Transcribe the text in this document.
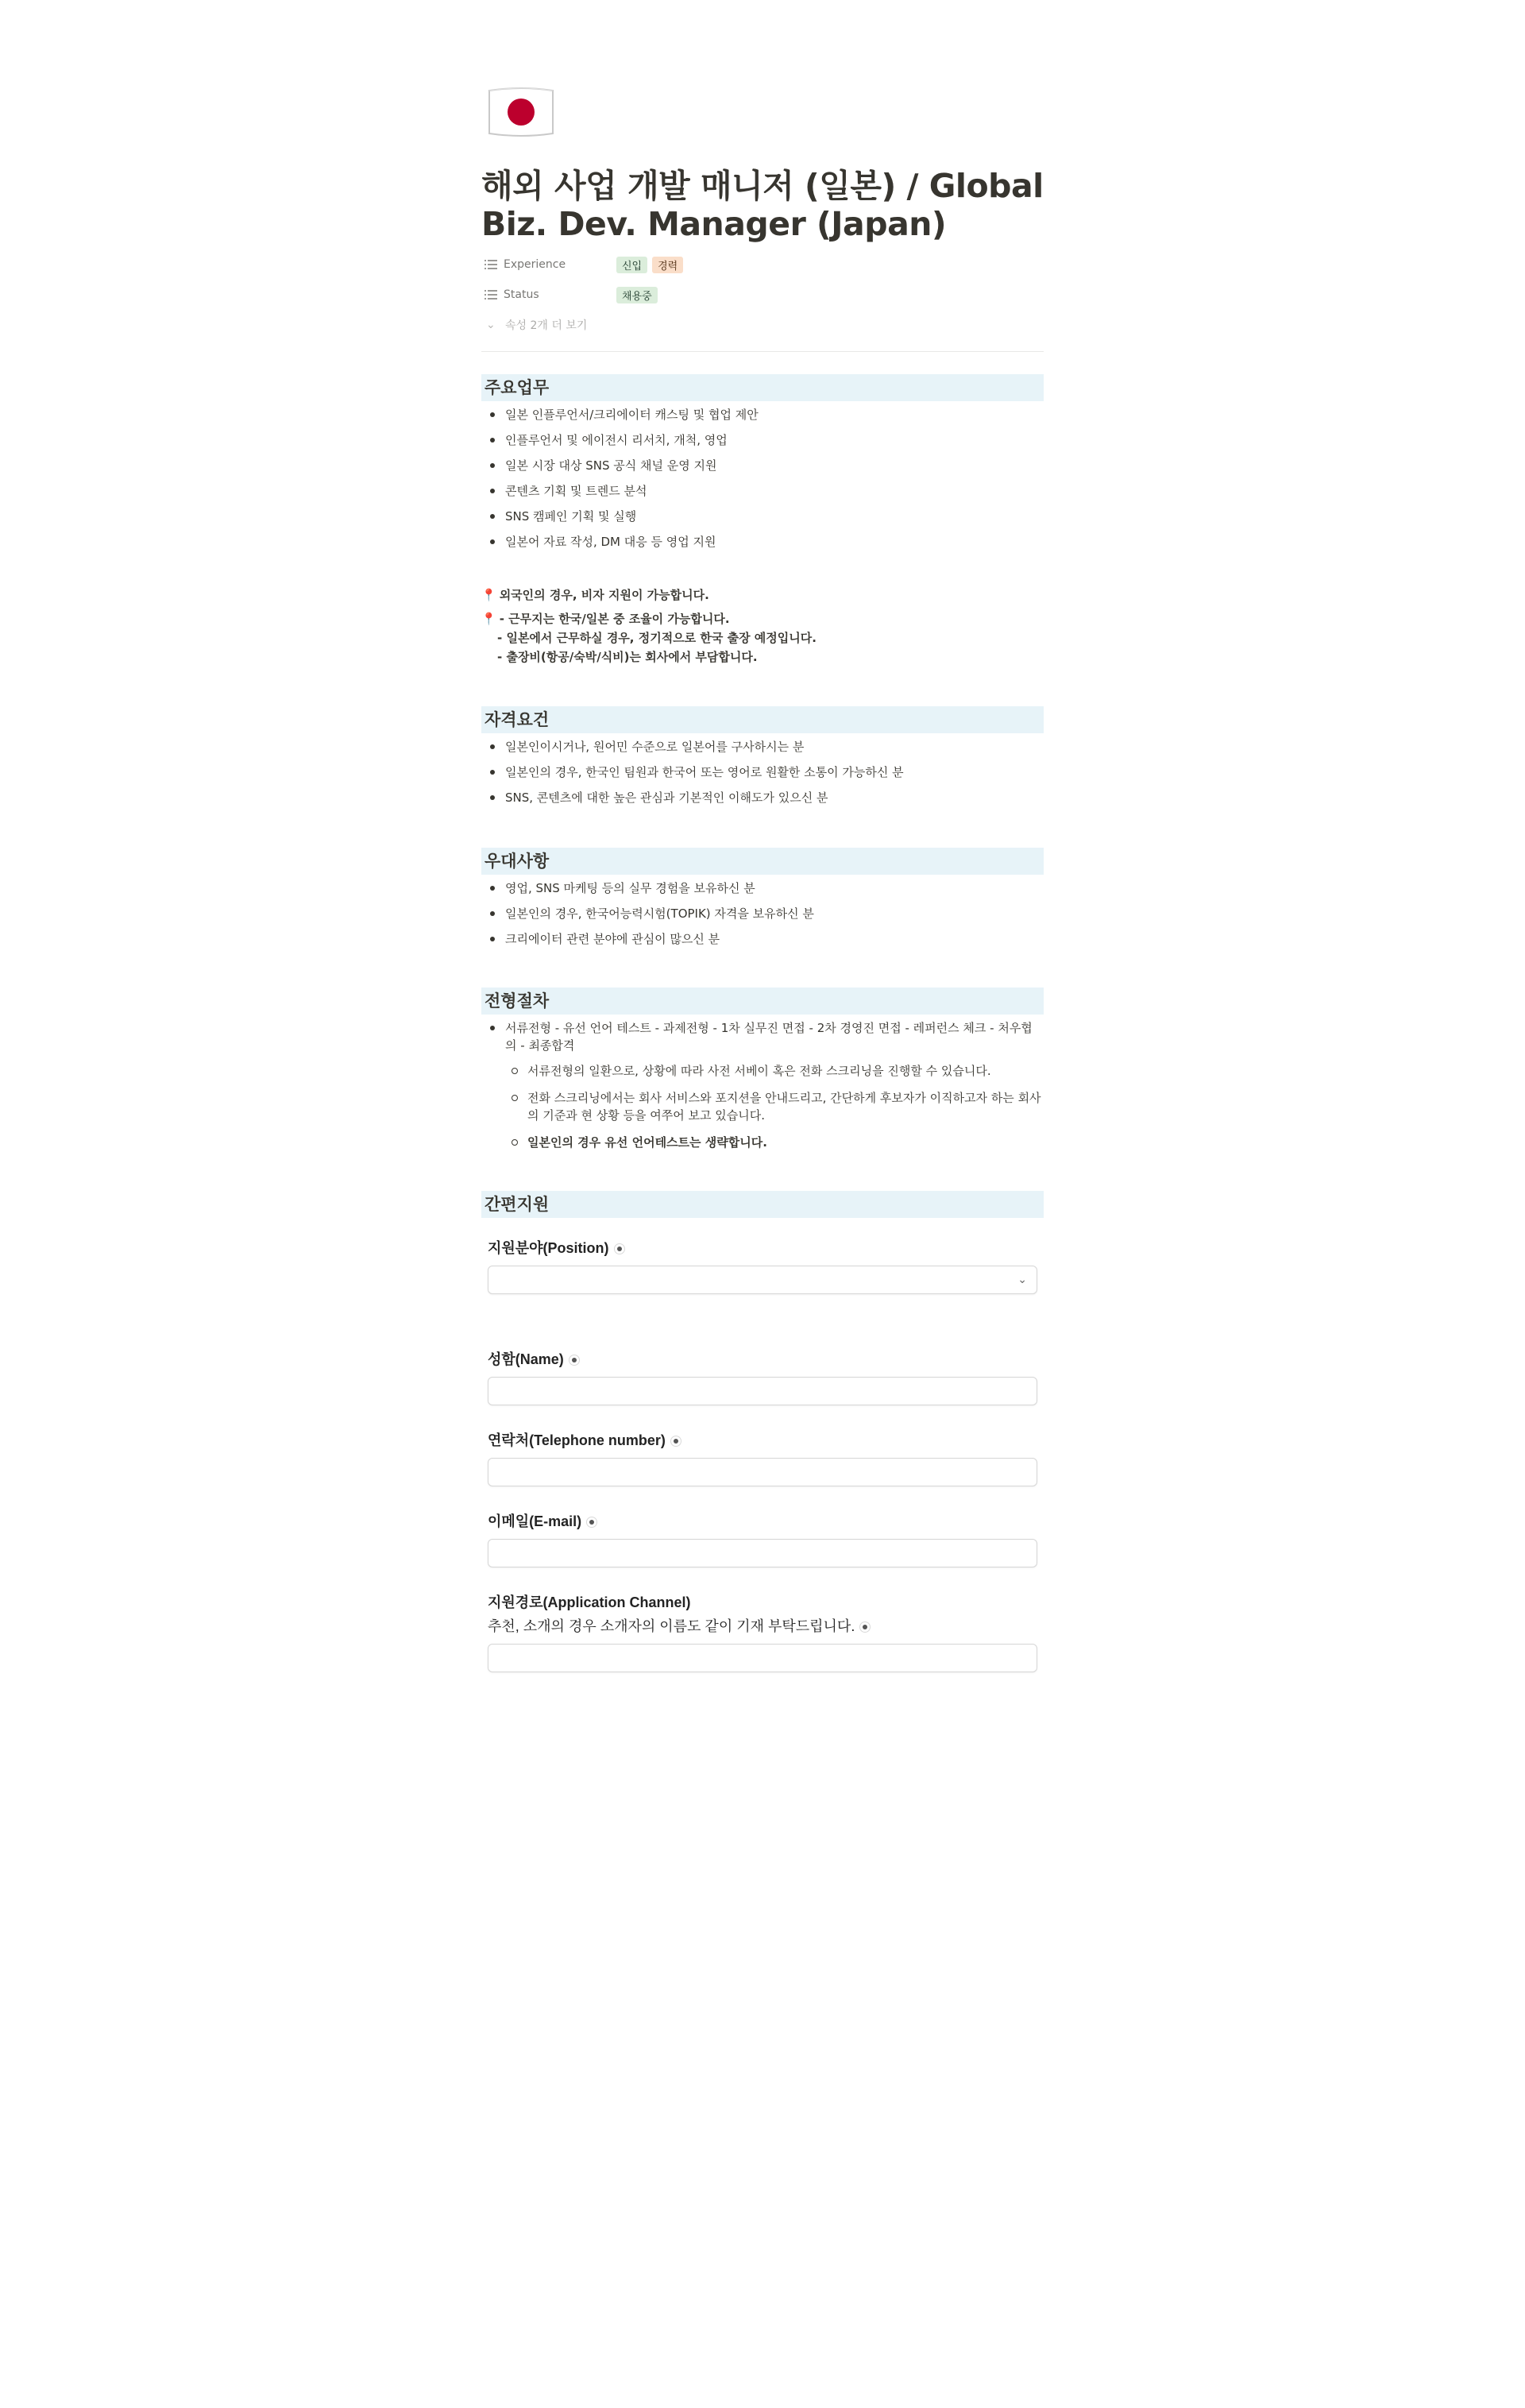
해외 사업 개발 매니저 (일본) / Global
Biz. Dev. Manager (Japan)
Experience	신입	경력
Status	채용중
⌄ 속성 2개 더 보기
주요업무
일본 인플루언서/크리에이터 캐스팅 및 협업 제안
인플루언서 및 에이전시 리서치, 개척, 영업
일본 시장 대상 SNS 공식 채널 운영 지원
콘텐츠 기획 및 트렌드 분석
SNS 캠페인 기획 및 실행
일본어 자료 작성, DM 대응 등 영업 지원
📍 외국인의 경우, 비자 지원이 가능합니다.
📍 - 근무지는 한국/일본 중 조율이 가능합니다.
- 일본에서 근무하실 경우, 정기적으로 한국 출장 예정입니다.
- 출장비(항공/숙박/식비)는 회사에서 부담합니다.
자격요건
일본인이시거나, 원어민 수준으로 일본어를 구사하시는 분
일본인의 경우, 한국인 팀원과 한국어 또는 영어로 원활한 소통이 가능하신 분
SNS, 콘텐츠에 대한 높은 관심과 기본적인 이해도가 있으신 분
우대사항
영업, SNS 마케팅 등의 실무 경험을 보유하신 분
일본인의 경우, 한국어능력시험(TOPIK) 자격을 보유하신 분
크리에이터 관련 분야에 관심이 많으신 분
전형절차
서류전형 - 유선 언어 테스트 - 과제전형 - 1차 실무진 면접 - 2차 경영진 면접 - 레퍼런스 체크 - 처우협의 - 최종합격
서류전형의 일환으로, 상황에 따라 사전 서베이 혹은 전화 스크리닝을 진행할 수 있습니다.
전화 스크리닝에서는 회사 서비스와 포지션을 안내드리고, 간단하게 후보자가 이직하고자 하는 회사의 기준과 현 상황 등을 여쭈어 보고 있습니다.
일본인의 경우 유선 언어테스트는 생략합니다.
간편지원
지원분야(Position)
⌄
성함(Name)
연락처(Telephone number)
이메일(E-mail)
지원경로(Application Channel)
추천, 소개의 경우 소개자의 이름도 같이 기재 부탁드립니다.
